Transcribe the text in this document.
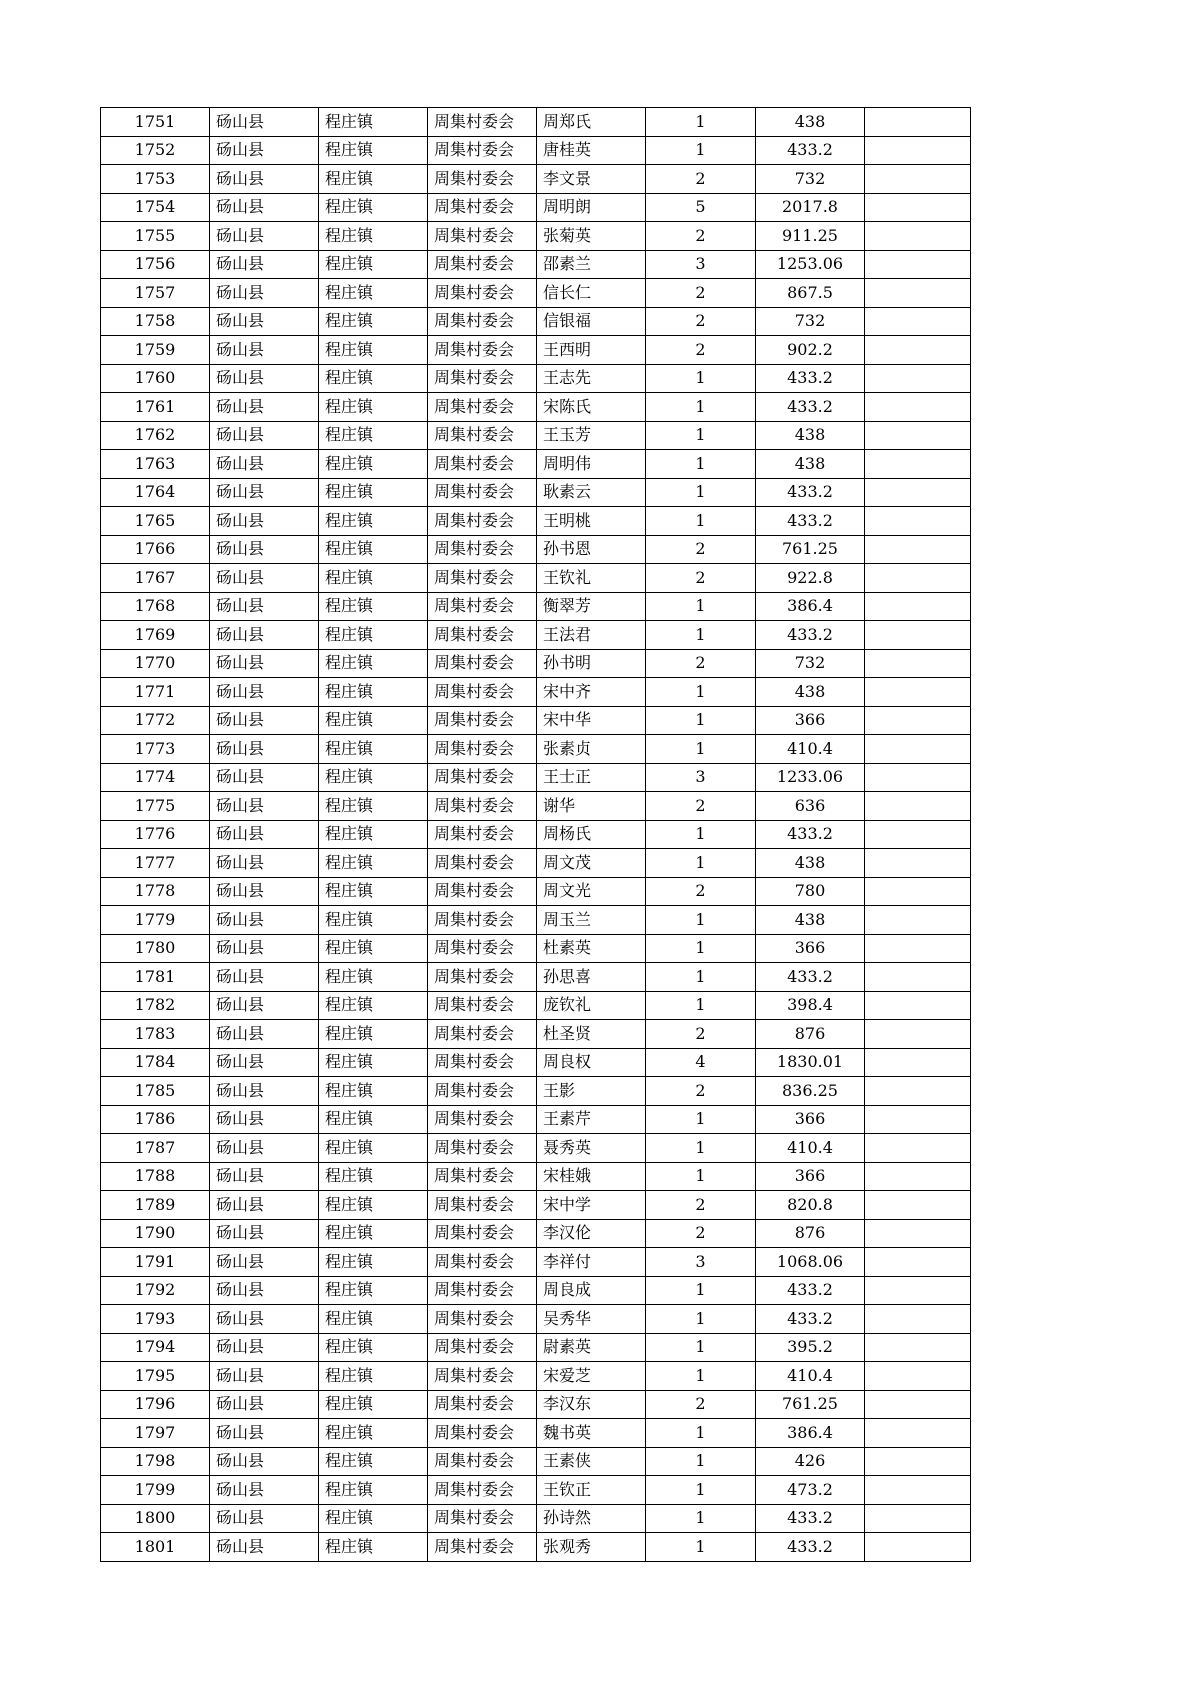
1751	砀山县	程庄镇	周集村委会	周郑氏	1	438	
1752	砀山县	程庄镇	周集村委会	唐桂英	1	433.2	
1753	砀山县	程庄镇	周集村委会	李文景	2	732	
1754	砀山县	程庄镇	周集村委会	周明朗	5	2017.8	
1755	砀山县	程庄镇	周集村委会	张菊英	2	911.25	
1756	砀山县	程庄镇	周集村委会	邵素兰	3	1253.06	
1757	砀山县	程庄镇	周集村委会	信长仁	2	867.5	
1758	砀山县	程庄镇	周集村委会	信银福	2	732	
1759	砀山县	程庄镇	周集村委会	王西明	2	902.2	
1760	砀山县	程庄镇	周集村委会	王志先	1	433.2	
1761	砀山县	程庄镇	周集村委会	宋陈氏	1	433.2	
1762	砀山县	程庄镇	周集村委会	王玉芳	1	438	
1763	砀山县	程庄镇	周集村委会	周明伟	1	438	
1764	砀山县	程庄镇	周集村委会	耿素云	1	433.2	
1765	砀山县	程庄镇	周集村委会	王明桃	1	433.2	
1766	砀山县	程庄镇	周集村委会	孙书恩	2	761.25	
1767	砀山县	程庄镇	周集村委会	王钦礼	2	922.8	
1768	砀山县	程庄镇	周集村委会	衡翠芳	1	386.4	
1769	砀山县	程庄镇	周集村委会	王法君	1	433.2	
1770	砀山县	程庄镇	周集村委会	孙书明	2	732	
1771	砀山县	程庄镇	周集村委会	宋中齐	1	438	
1772	砀山县	程庄镇	周集村委会	宋中华	1	366	
1773	砀山县	程庄镇	周集村委会	张素贞	1	410.4	
1774	砀山县	程庄镇	周集村委会	王士正	3	1233.06	
1775	砀山县	程庄镇	周集村委会	谢华	2	636	
1776	砀山县	程庄镇	周集村委会	周杨氏	1	433.2	
1777	砀山县	程庄镇	周集村委会	周文茂	1	438	
1778	砀山县	程庄镇	周集村委会	周文光	2	780	
1779	砀山县	程庄镇	周集村委会	周玉兰	1	438	
1780	砀山县	程庄镇	周集村委会	杜素英	1	366	
1781	砀山县	程庄镇	周集村委会	孙思喜	1	433.2	
1782	砀山县	程庄镇	周集村委会	庞钦礼	1	398.4	
1783	砀山县	程庄镇	周集村委会	杜圣贤	2	876	
1784	砀山县	程庄镇	周集村委会	周良权	4	1830.01	
1785	砀山县	程庄镇	周集村委会	王影	2	836.25	
1786	砀山县	程庄镇	周集村委会	王素芹	1	366	
1787	砀山县	程庄镇	周集村委会	聂秀英	1	410.4	
1788	砀山县	程庄镇	周集村委会	宋桂娥	1	366	
1789	砀山县	程庄镇	周集村委会	宋中学	2	820.8	
1790	砀山县	程庄镇	周集村委会	李汉伦	2	876	
1791	砀山县	程庄镇	周集村委会	李祥付	3	1068.06	
1792	砀山县	程庄镇	周集村委会	周良成	1	433.2	
1793	砀山县	程庄镇	周集村委会	吴秀华	1	433.2	
1794	砀山县	程庄镇	周集村委会	尉素英	1	395.2	
1795	砀山县	程庄镇	周集村委会	宋爱芝	1	410.4	
1796	砀山县	程庄镇	周集村委会	李汉东	2	761.25	
1797	砀山县	程庄镇	周集村委会	魏书英	1	386.4	
1798	砀山县	程庄镇	周集村委会	王素侠	1	426	
1799	砀山县	程庄镇	周集村委会	王钦正	1	473.2	
1800	砀山县	程庄镇	周集村委会	孙诗然	1	433.2	
1801	砀山县	程庄镇	周集村委会	张观秀	1	433.2	
